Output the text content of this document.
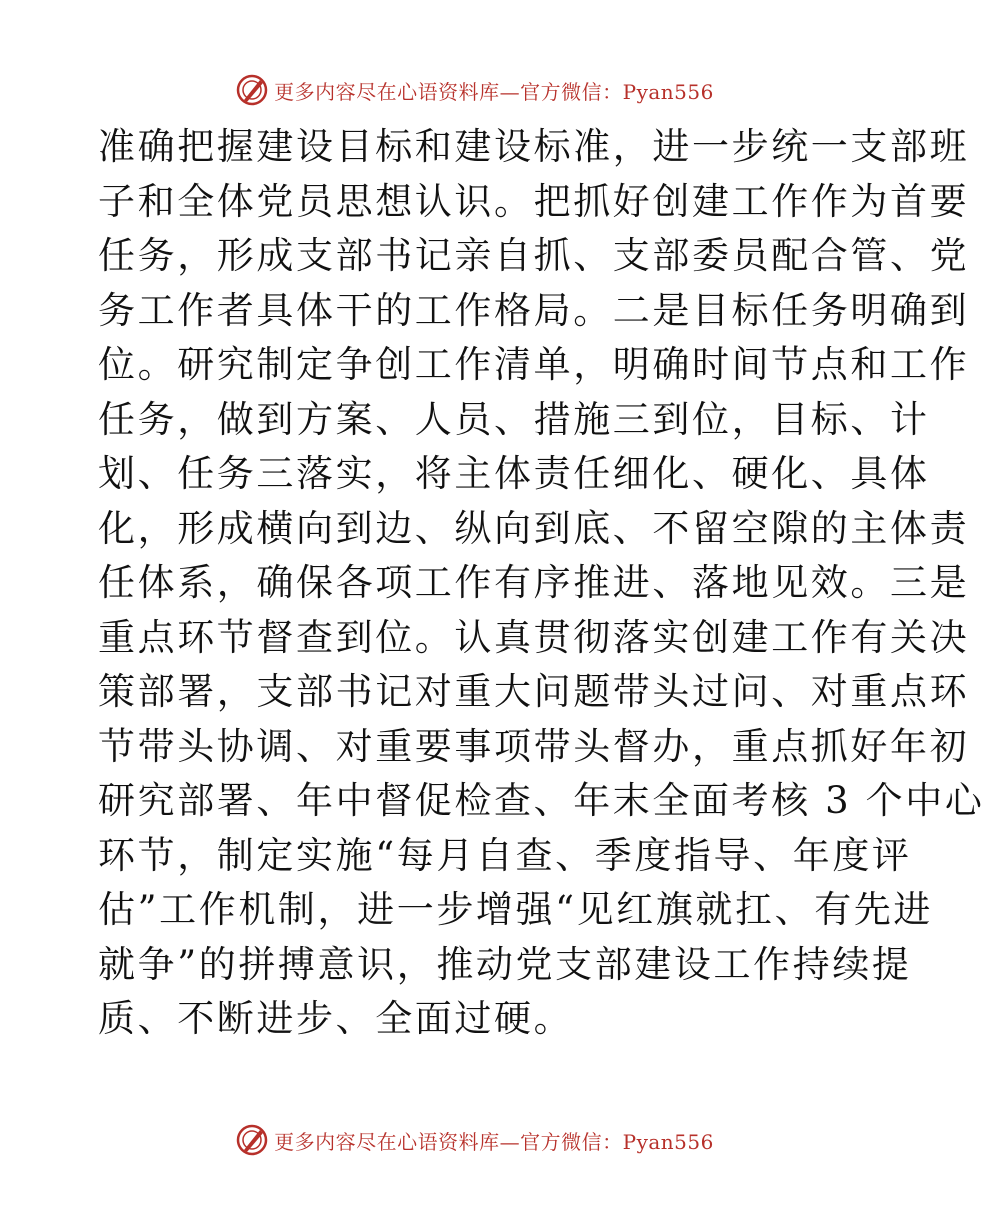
更多内容尽在心语资料库—官方微信：Pyan556
准确把握建设目标和建设标准，进一步统一支部班
子和全体党员思想认识。把抓好创建工作作为首要
任务，形成支部书记亲自抓、支部委员配合管、党
务工作者具体干的工作格局。二是目标任务明确到
位。研究制定争创工作清单，明确时间节点和工作
任务，做到方案、人员、措施三到位，目标、计
划、任务三落实，将主体责任细化、硬化、具体
化，形成横向到边、纵向到底、不留空隙的主体责
任体系，确保各项工作有序推进、落地见效。三是
重点环节督查到位。认真贯彻落实创建工作有关决
策部署，支部书记对重大问题带头过问、对重点环
节带头协调、对重要事项带头督办，重点抓好年初
研究部署、年中督促检查、年末全面考核 3 个中心
环节，制定实施“每月自查、季度指导、年度评
估”工作机制，进一步增强“见红旗就扛、有先进
就争”的拼搏意识，推动党支部建设工作持续提
质、不断进步、全面过硬。
更多内容尽在心语资料库—官方微信：Pyan556
